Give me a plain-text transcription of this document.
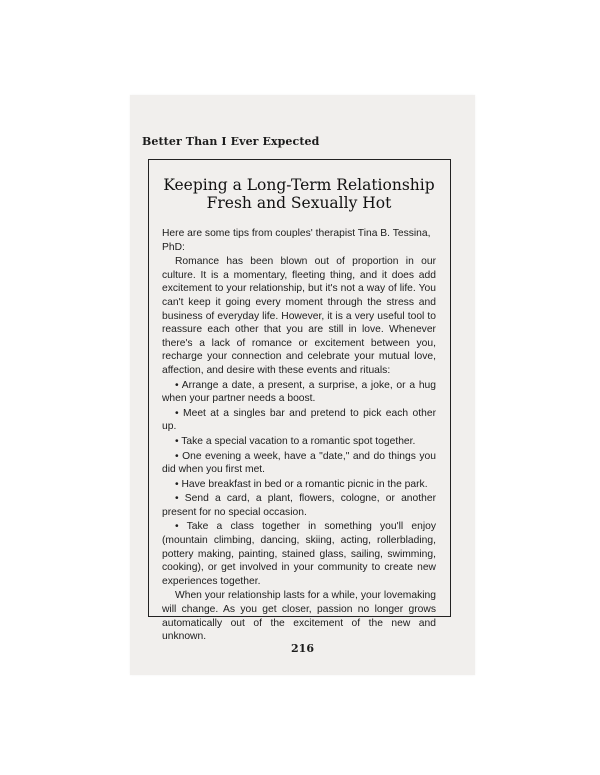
Better Than I Ever Expected
Keeping a Long-Term Relationship
Fresh and Sexually Hot

Here are some tips from couples' therapist Tina B. Tessina, PhD:

Romance has been blown out of proportion in our culture. It is a momentary, fleeting thing, and it does add excitement to your relationship, but it's not a way of life. You can't keep it going every moment through the stress and business of everyday life. However, it is a very useful tool to reassure each other that you are still in love. Whenever there's a lack of romance or excitement between you, recharge your connection and celebrate your mutual love, affection, and desire with these events and rituals:

• Arrange a date, a present, a surprise, a joke, or a hug when your partner needs a boost.

• Meet at a singles bar and pretend to pick each other up.

• Take a special vacation to a romantic spot together.

• One evening a week, have a "date," and do things you did when you first met.

• Have breakfast in bed or a romantic picnic in the park.

• Send a card, a plant, flowers, cologne, or another present for no special occasion.

• Take a class together in something you'll enjoy (mountain climbing, dancing, skiing, acting, rollerblading, pottery making, painting, stained glass, sailing, swimming, cooking), or get involved in your community to create new experiences together.

When your relationship lasts for a while, your lovemaking will change. As you get closer, passion no longer grows automatically out of the excitement of the new and unknown.

216
